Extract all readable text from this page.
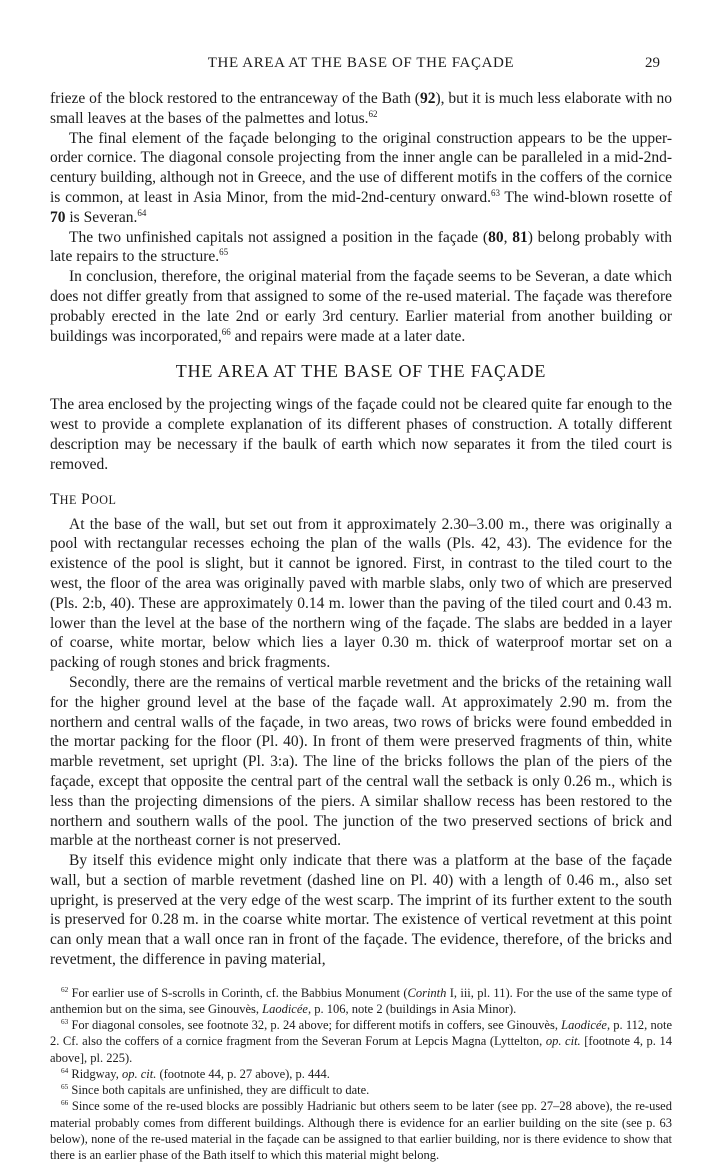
THE AREA AT THE BASE OF THE FAÇADE	29

frieze of the block restored to the entranceway of the Bath (92), but it is much less elaborate with no small leaves at the bases of the palmettes and lotus.$^{62}$

The final element of the façade belonging to the original construction appears to be the upper-order cornice. The diagonal console projecting from the inner angle can be paralleled in a mid-2nd-century building, although not in Greece, and the use of different motifs in the coffers of the cornice is common, at least in Asia Minor, from the mid-2nd-century onward.$^{63}$ The wind-blown rosette of 70 is Severan.$^{64}$

The two unfinished capitals not assigned a position in the façade (80, 81) belong probably with late repairs to the structure.$^{65}$

In conclusion, therefore, the original material from the façade seems to be Severan, a date which does not differ greatly from that assigned to some of the re-used material. The façade was therefore probably erected in the late 2nd or early 3rd century. Earlier material from another building or buildings was incorporated,$^{66}$ and repairs were made at a later date.

THE AREA AT THE BASE OF THE FAÇADE

The area enclosed by the projecting wings of the façade could not be cleared quite far enough to the west to provide a complete explanation of its different phases of construction. A totally different description may be necessary if the baulk of earth which now separates it from the tiled court is removed.

THE POOL

At the base of the wall, but set out from it approximately 2.30–3.00 m., there was originally a pool with rectangular recesses echoing the plan of the walls (Pls. 42, 43). The evidence for the existence of the pool is slight, but it cannot be ignored. First, in contrast to the tiled court to the west, the floor of the area was originally paved with marble slabs, only two of which are preserved (Pls. 2:b, 40). These are approximately 0.14 m. lower than the paving of the tiled court and 0.43 m. lower than the level at the base of the northern wing of the façade. The slabs are bedded in a layer of coarse, white mortar, below which lies a layer 0.30 m. thick of waterproof mortar set on a packing of rough stones and brick fragments.

Secondly, there are the remains of vertical marble revetment and the bricks of the retaining wall for the higher ground level at the base of the façade wall. At approximately 2.90 m. from the northern and central walls of the façade, in two areas, two rows of bricks were found embedded in the mortar packing for the floor (Pl. 40). In front of them were preserved fragments of thin, white marble revetment, set upright (Pl. 3:a). The line of the bricks follows the plan of the piers of the façade, except that opposite the central part of the central wall the setback is only 0.26 m., which is less than the projecting dimensions of the piers. A similar shallow recess has been restored to the northern and southern walls of the pool. The junction of the two preserved sections of brick and marble at the northeast corner is not preserved.

By itself this evidence might only indicate that there was a platform at the base of the façade wall, but a section of marble revetment (dashed line on Pl. 40) with a length of 0.46 m., also set upright, is preserved at the very edge of the west scarp. The imprint of its further extent to the south is preserved for 0.28 m. in the coarse white mortar. The existence of vertical revetment at this point can only mean that a wall once ran in front of the façade. The evidence, therefore, of the bricks and revetment, the difference in paving material,

$^{62}$ For earlier use of S-scrolls in Corinth, cf. the Babbius Monument (Corinth I, iii, pl. 11). For the use of the same type of anthemion but on the sima, see Ginouvès, Laodicée, p. 106, note 2 (buildings in Asia Minor).

$^{63}$ For diagonal consoles, see footnote 32, p. 24 above; for different motifs in coffers, see Ginouvès, Laodicée, p. 112, note 2. Cf. also the coffers of a cornice fragment from the Severan Forum at Lepcis Magna (Lyttelton, op. cit. [footnote 4, p. 14 above], pl. 225).

$^{64}$ Ridgway, op. cit. (footnote 44, p. 27 above), p. 444.

$^{65}$ Since both capitals are unfinished, they are difficult to date.

$^{66}$ Since some of the re-used blocks are possibly Hadrianic but others seem to be later (see pp. 27–28 above), the re-used material probably comes from different buildings. Although there is evidence for an earlier building on the site (see p. 63 below), none of the re-used material in the façade can be assigned to that earlier building, nor is there evidence to show that there is an earlier phase of the Bath itself to which this material might belong.
